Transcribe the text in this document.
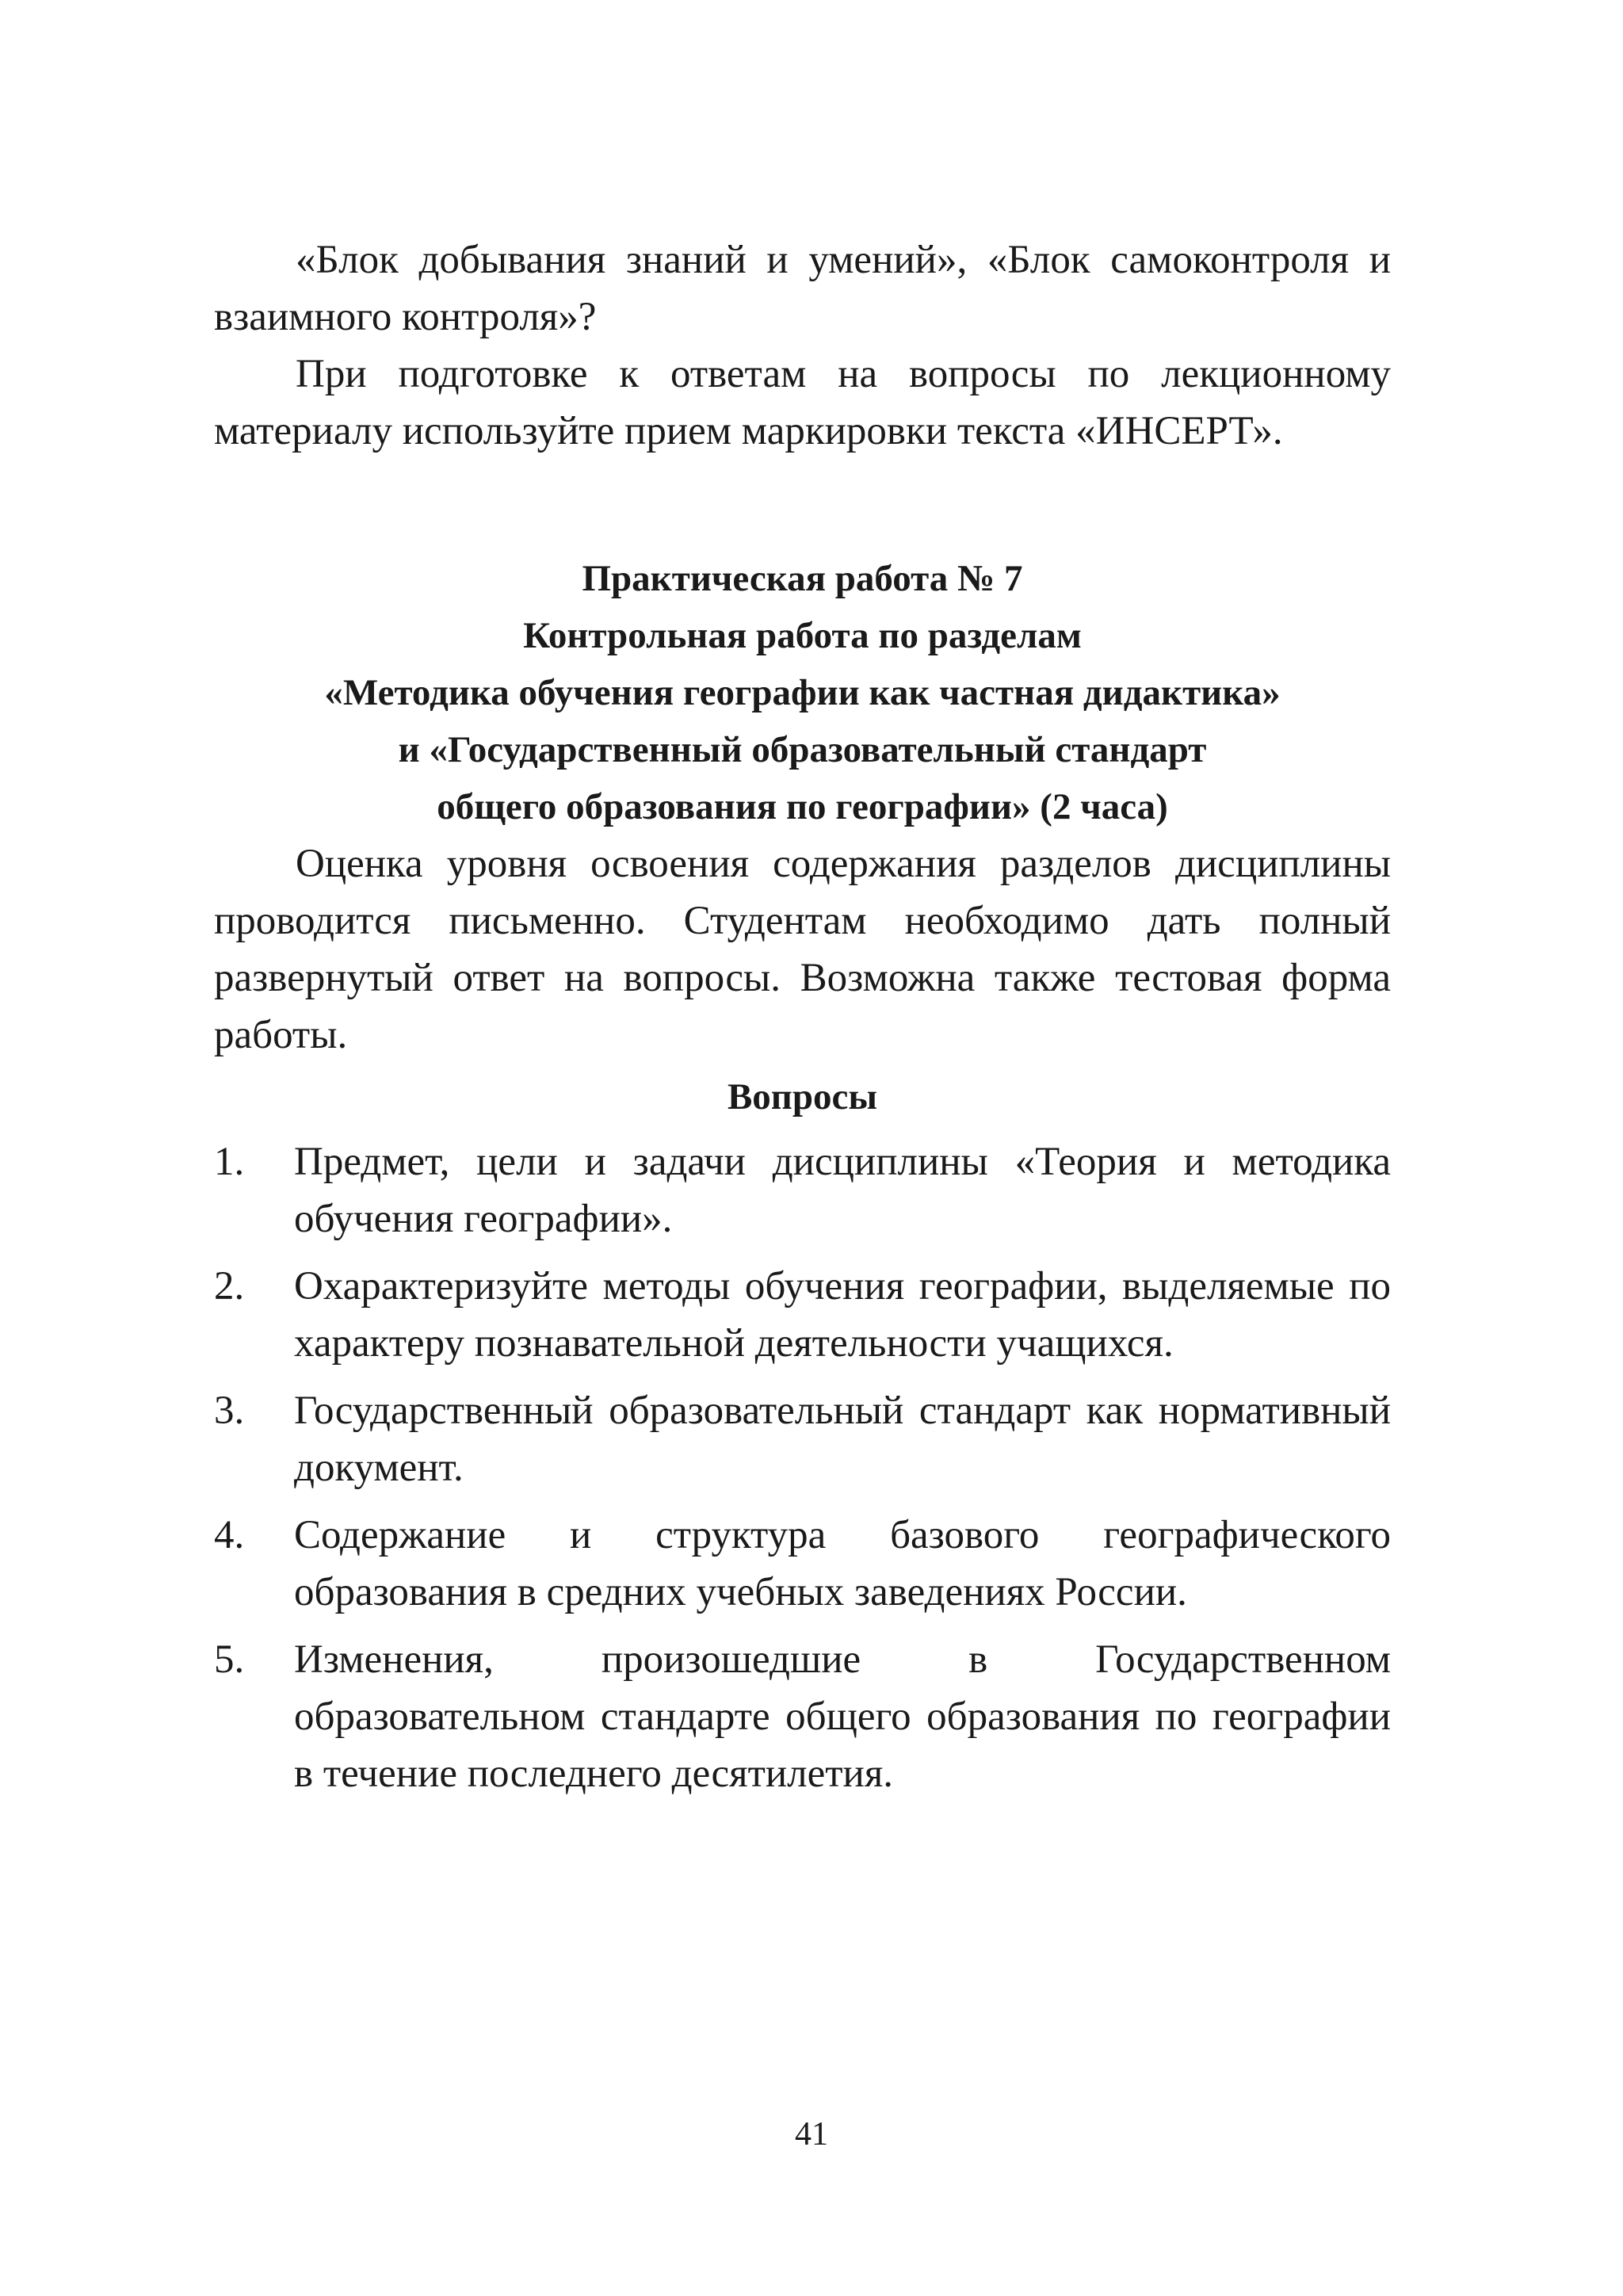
«Блок добывания знаний и умений», «Блок самоконтроля и взаимного контроля»?

При подготовке к ответам на вопросы по лекционному материалу используйте прием маркировки текста «ИНСЕРТ».

Практическая работа № 7

Контрольная работа по разделам

«Методика обучения географии как частная дидактика»

и «Государственный образовательный стандарт

общего образования по географии» (2 часа)

Оценка уровня освоения содержания разделов дисциплины проводится письменно. Студентам необходимо дать полный развернутый ответ на вопросы. Возможна также тестовая форма работы.

Вопросы

1. Предмет, цели и задачи дисциплины «Теория и методика обучения географии».
2. Охарактеризуйте методы обучения географии, выделяемые по характеру познавательной деятельности учащихся.
3. Государственный образовательный стандарт как нормативный документ.
4. Содержание и структура базового географического образования в средних учебных заведениях России.
5. Изменения, произошедшие в Государственном образовательном стандарте общего образования по географии в течение последнего десятилетия.
41
